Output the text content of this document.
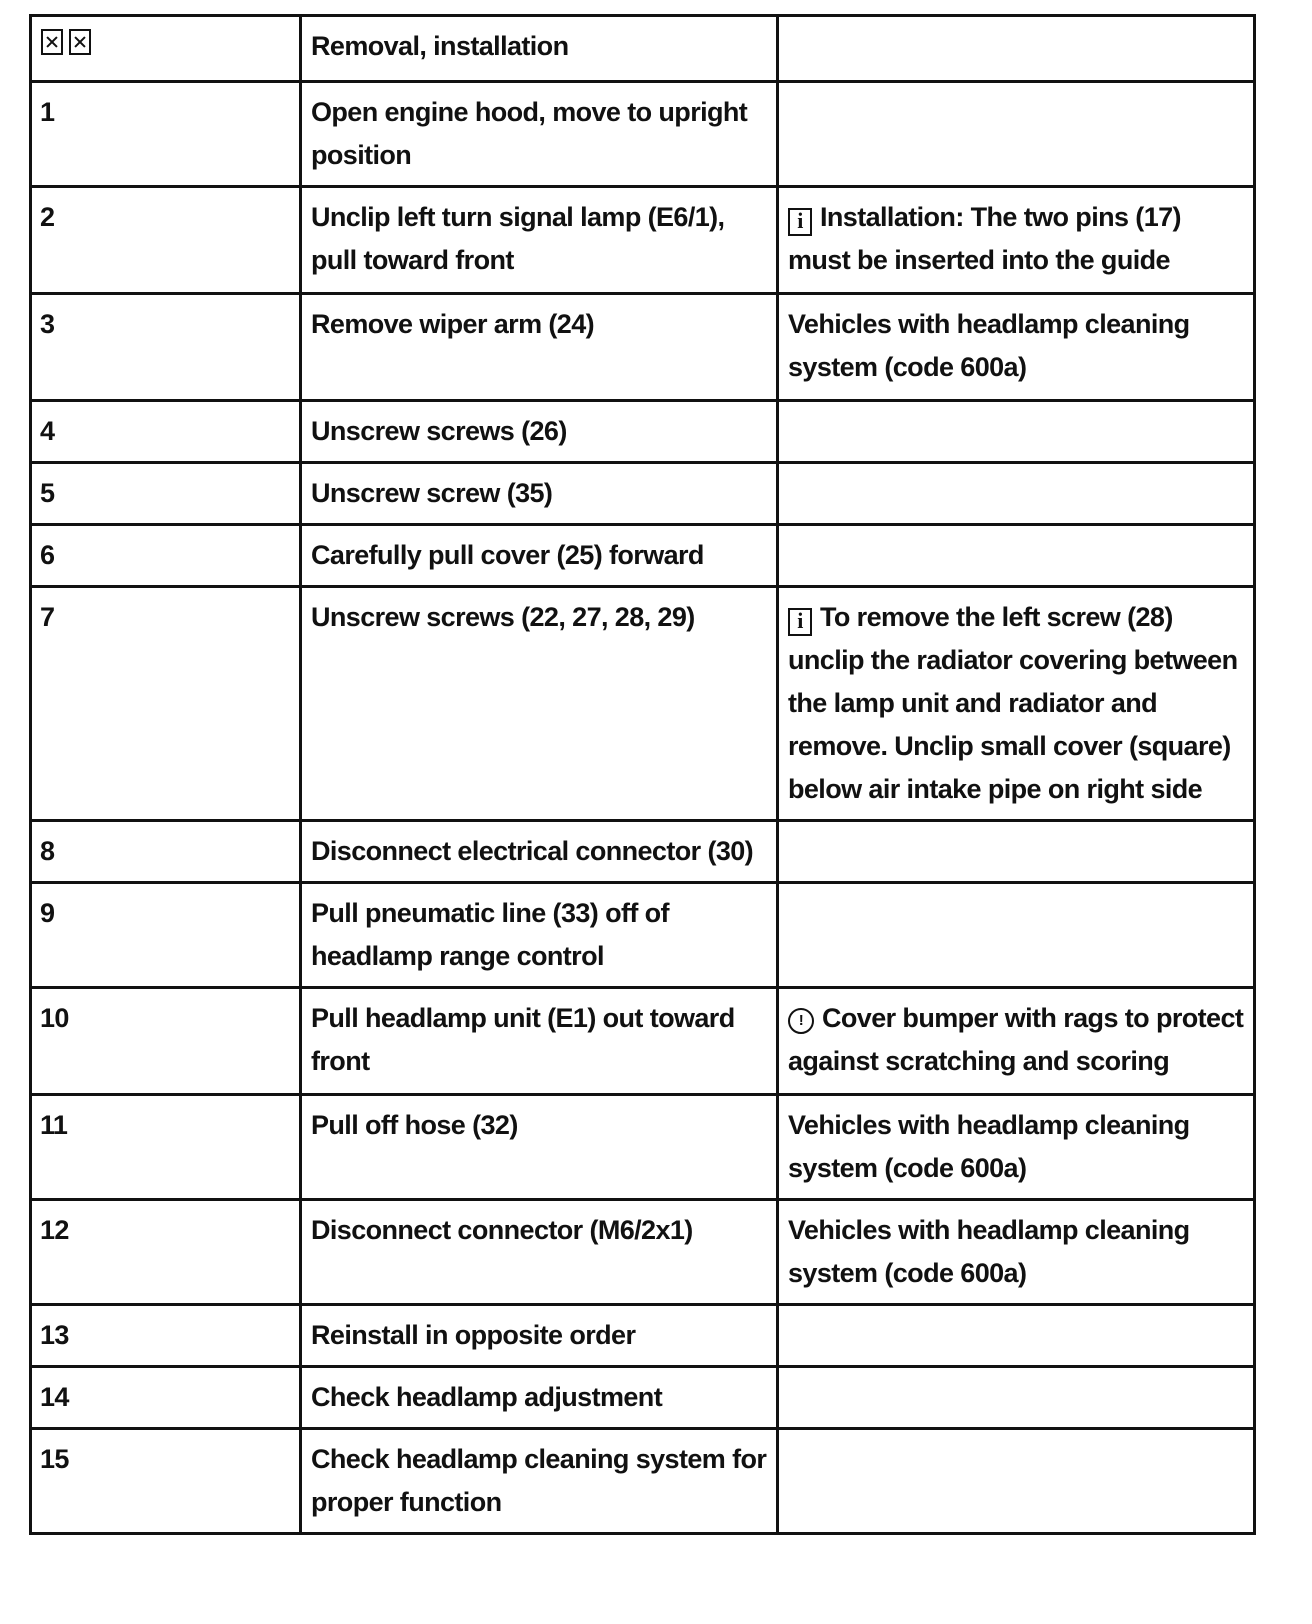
	Removal, installation	
1	Open engine hood, move to upright position	
2	Unclip left turn signal lamp (E6/1), pull toward front	i Installation: The two pins (17) must be inserted into the guide
3	Remove wiper arm (24)	Vehicles with headlamp cleaning system (code 600a)
4	Unscrew screws (26)	
5	Unscrew screw (35)	
6	Carefully pull cover (25) forward	
7	Unscrew screws (22, 27, 28, 29)	i To remove the left screw (28) unclip the radiator covering between the lamp unit and radiator and remove. Unclip small cover (square) below air intake pipe on right side
8	Disconnect electrical connector (30)	
9	Pull pneumatic line (33) off of headlamp range control	
10	Pull headlamp unit (E1) out toward front	! Cover bumper with rags to protect against scratching and scoring
11	Pull off hose (32)	Vehicles with headlamp cleaning system (code 600a)
12	Disconnect connector (M6/2x1)	Vehicles with headlamp cleaning system (code 600a)
13	Reinstall in opposite order	
14	Check headlamp adjustment	
15	Check headlamp cleaning system for proper function	
